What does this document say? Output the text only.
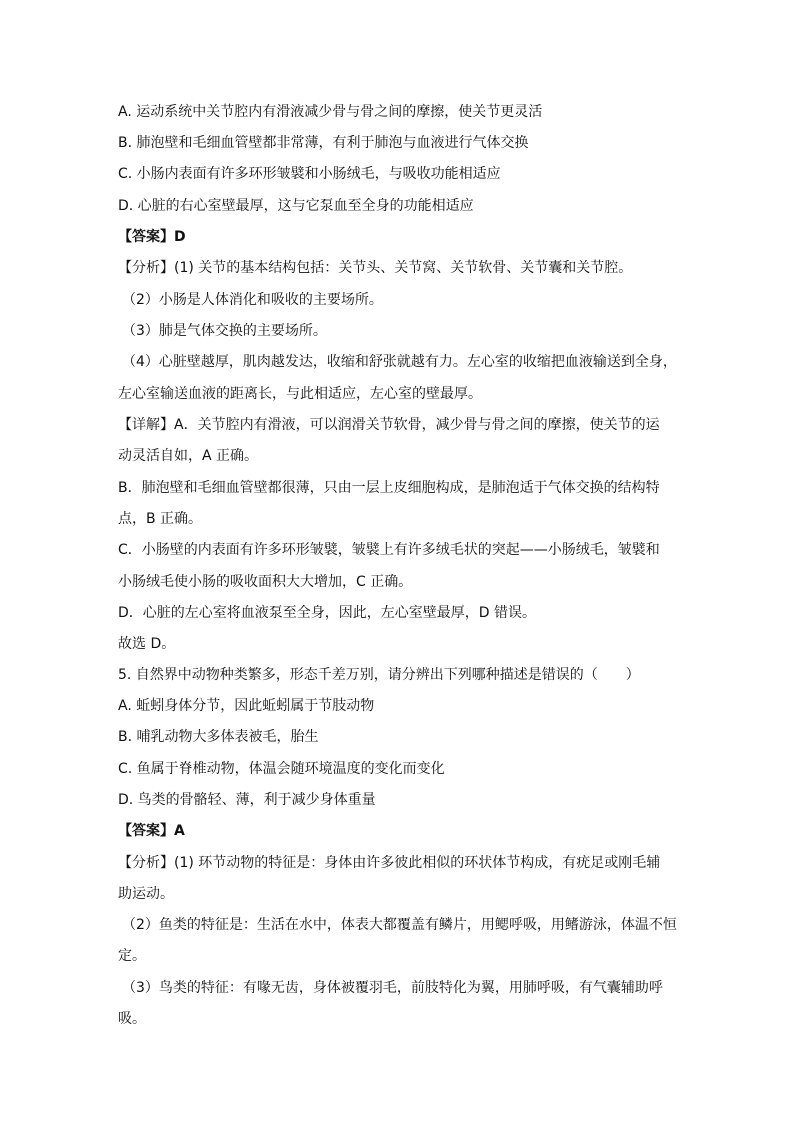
A. 运动系统中关节腔内有滑液减少骨与骨之间的摩擦，使关节更灵活
B. 肺泡壁和毛细血管壁都非常薄，有利于肺泡与血液进行气体交换
C. 小肠内表面有许多环形皱襞和小肠绒毛，与吸收功能相适应
D. 心脏的右心室壁最厚，这与它泵血至全身的功能相适应
【答案】D
【分析】(1) 关节的基本结构包括：关节头、关节窝、关节软骨、关节囊和关节腔。
（2）小肠是人体消化和吸收的主要场所。
（3）肺是气体交换的主要场所。
（4）心脏壁越厚，肌肉越发达，收缩和舒张就越有力。左心室的收缩把血液输送到全身，
左心室输送血液的距离长，与此相适应，左心室的壁最厚。
【详解】A．关节腔内有滑液，可以润滑关节软骨，减少骨与骨之间的摩擦，使关节的运
动灵活自如，A 正确。
B．肺泡壁和毛细血管壁都很薄，只由一层上皮细胞构成，是肺泡适于气体交换的结构特
点，B 正确。
C．小肠壁的内表面有许多环形皱襞，皱襞上有许多绒毛状的突起——小肠绒毛，皱襞和
小肠绒毛使小肠的吸收面积大大增加，C 正确。
D．心脏的左心室将血液泵至全身，因此，左心室壁最厚，D 错误。
故选 D。
5. 自然界中动物种类繁多，形态千差万别，请分辨出下列哪种描述是错误的（　　）
A. 蚯蚓身体分节，因此蚯蚓属于节肢动物
B. 哺乳动物大多体表被毛，胎生
C. 鱼属于脊椎动物，体温会随环境温度的变化而变化
D. 鸟类的骨骼轻、薄，利于减少身体重量
【答案】A
【分析】(1) 环节动物的特征是：身体由许多彼此相似的环状体节构成，有疣足或刚毛辅
助运动。
（2）鱼类的特征是：生活在水中，体表大都覆盖有鳞片，用鳃呼吸，用鳍游泳，体温不恒
定。
（3）鸟类的特征：有喙无齿，身体被覆羽毛，前肢特化为翼，用肺呼吸，有气囊辅助呼
吸。
